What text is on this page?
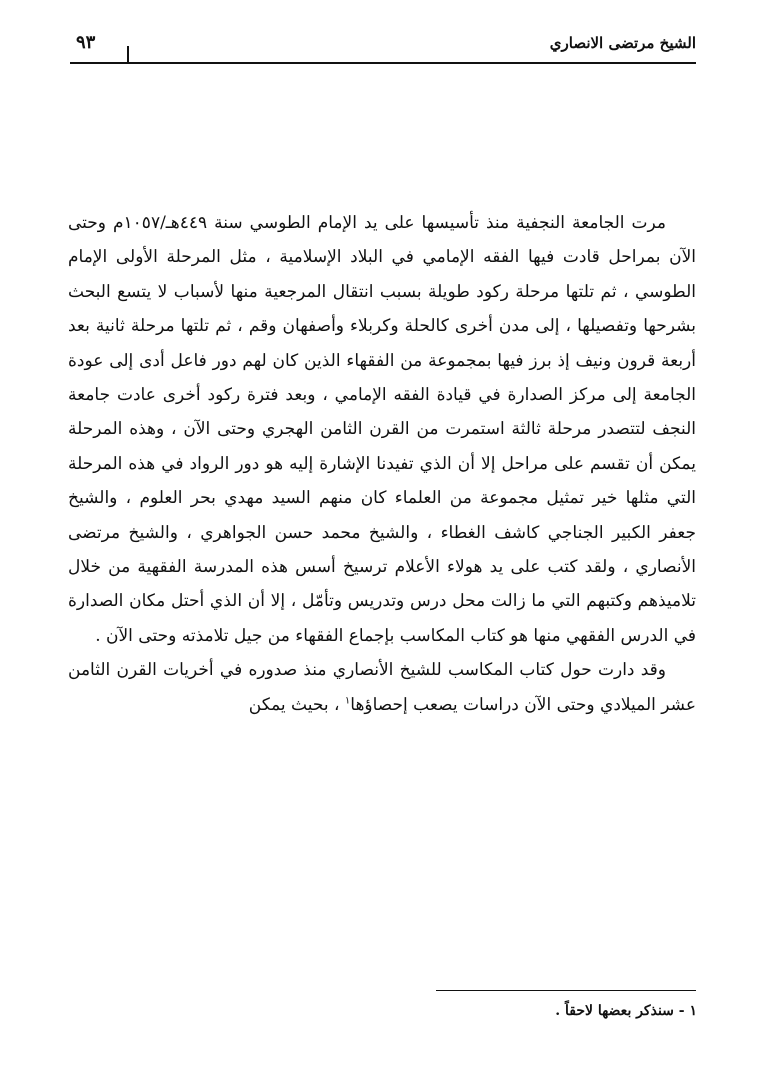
الشيخ مرتضى الانصاري
٩٣

مرت الجامعة النجفية منذ تأسيسها على يد الإمام الطوسي سنة ٤٤٩هـ/١٠٥٧م وحتى الآن بمراحل قادت فيها الفقه الإمامي في البلاد الإسلامية ، مثل المرحلة الأولى الإمام الطوسي ، ثم تلتها مرحلة ركود طويلة بسبب انتقال المرجعية منها لأسباب لا يتسع البحث بشرحها وتفصيلها ، إلى مدن أخرى كالحلة وكربلاء وأصفهان وقم ، ثم تلتها مرحلة ثانية بعد أربعة قرون ونيف إذ برز فيها بمجموعة من الفقهاء الذين كان لهم دور فاعل أدى إلى عودة الجامعة إلى مركز الصدارة في قيادة الفقه الإمامي ، وبعد فترة ركود أخرى عادت جامعة النجف لتتصدر مرحلة ثالثة استمرت من القرن الثامن الهجري وحتى الآن ، وهذه المرحلة يمكن أن تقسم على مراحل إلا أن الذي تفيدنا الإشارة إليه هو دور الرواد في هذه المرحلة التي مثلها خير تمثيل مجموعة من العلماء كان منهم السيد مهدي بحر العلوم ، والشيخ جعفر الكبير الجناجي كاشف الغطاء ، والشيخ محمد حسن الجواهري ، والشيخ مرتضى الأنصاري ، ولقد كتب على يد هولاء الأعلام ترسيخ أسس هذه المدرسة الفقهية من خلال تلاميذهم وكتبهم التي ما زالت محل درس وتدريس وتأمّل ، إلا أن الذي أحتل مكان الصدارة في الدرس الفقهي منها هو كتاب المكاسب بإجماع الفقهاء من جيل تلامذته وحتى الآن .

وقد دارت حول كتاب المكاسب للشيخ الأنصاري منذ صدوره في أخريات القرن الثامن عشر الميلادي وحتى الآن دراسات يصعب إحصاؤها$^١$ ، بحيث يمكن

١ - سنذكر بعضها لاحقاً .
